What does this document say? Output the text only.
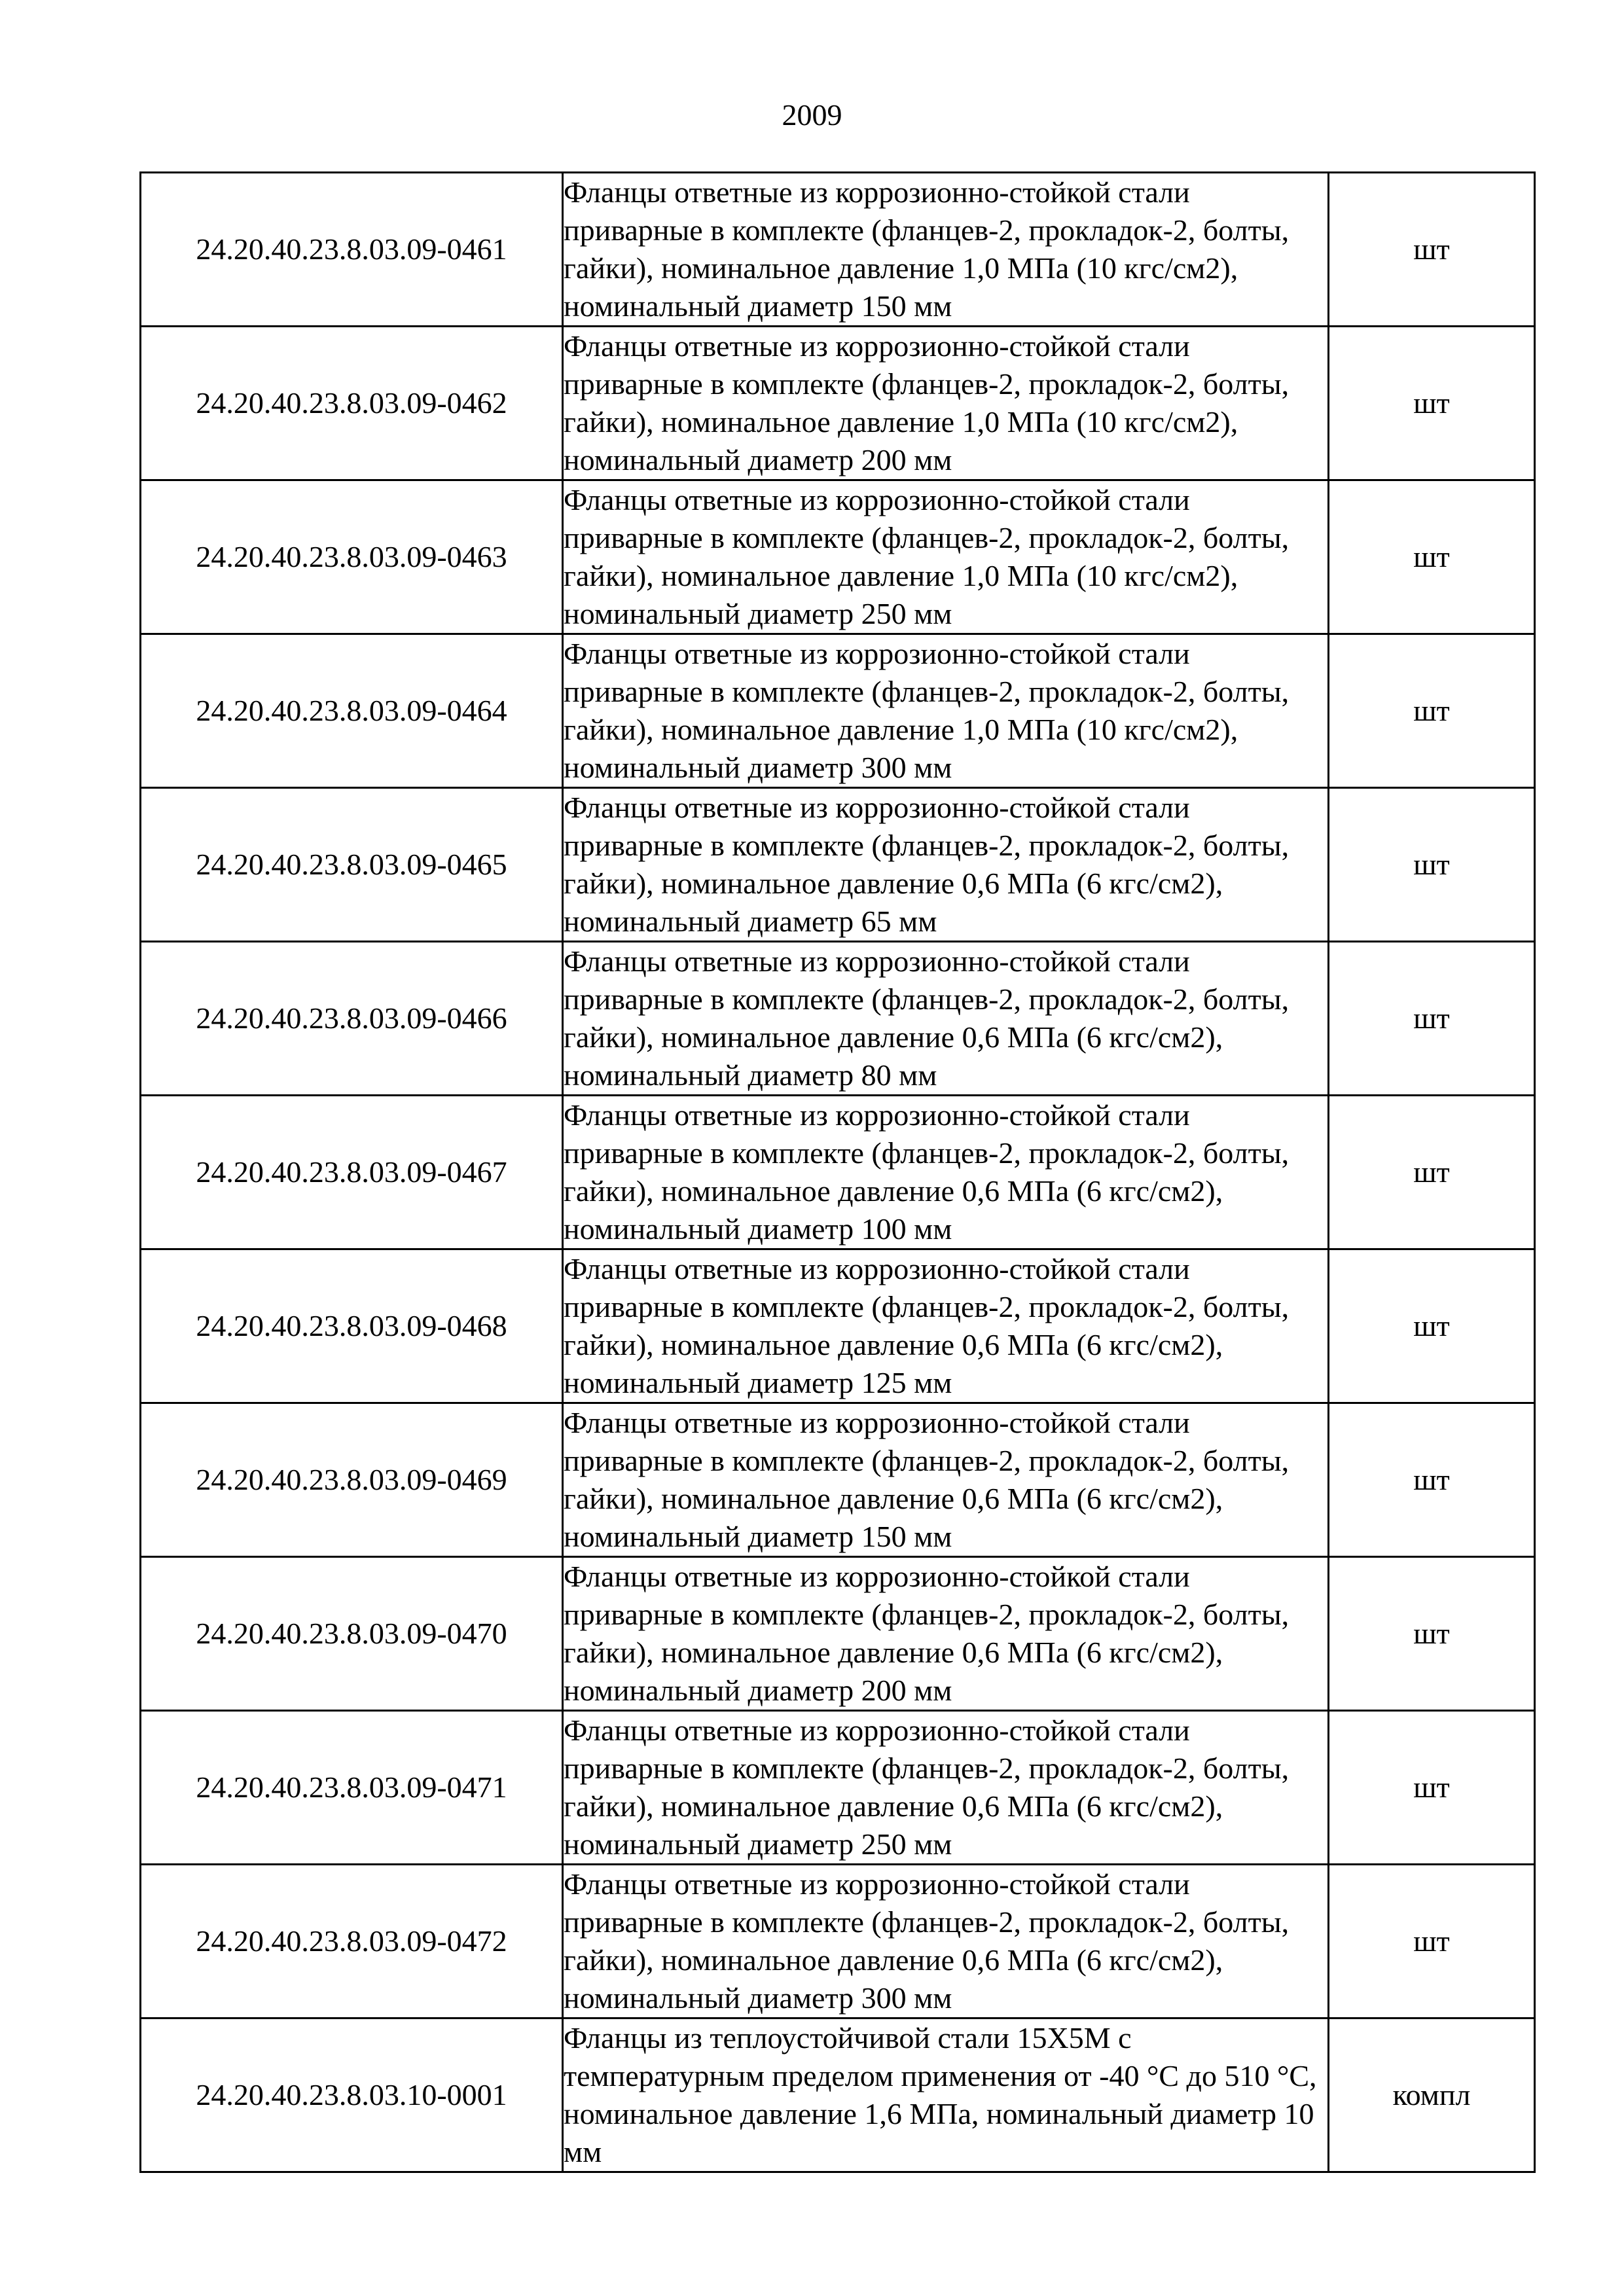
2009
24.20.40.23.8.03.09-0461	Фланцы ответные из коррозионно-стойкой стали приварные в комплекте (фланцев-2, прокладок-2, болты, гайки), номинальное давление 1,0 МПа (10 кгс/см2), номинальный диаметр 150 мм	шт
24.20.40.23.8.03.09-0462	Фланцы ответные из коррозионно-стойкой стали приварные в комплекте (фланцев-2, прокладок-2, болты, гайки), номинальное давление 1,0 МПа (10 кгс/см2), номинальный диаметр 200 мм	шт
24.20.40.23.8.03.09-0463	Фланцы ответные из коррозионно-стойкой стали приварные в комплекте (фланцев-2, прокладок-2, болты, гайки), номинальное давление 1,0 МПа (10 кгс/см2), номинальный диаметр 250 мм	шт
24.20.40.23.8.03.09-0464	Фланцы ответные из коррозионно-стойкой стали приварные в комплекте (фланцев-2, прокладок-2, болты, гайки), номинальное давление 1,0 МПа (10 кгс/см2), номинальный диаметр 300 мм	шт
24.20.40.23.8.03.09-0465	Фланцы ответные из коррозионно-стойкой стали приварные в комплекте (фланцев-2, прокладок-2, болты, гайки), номинальное давление 0,6 МПа (6 кгс/см2), номинальный диаметр 65 мм	шт
24.20.40.23.8.03.09-0466	Фланцы ответные из коррозионно-стойкой стали приварные в комплекте (фланцев-2, прокладок-2, болты, гайки), номинальное давление 0,6 МПа (6 кгс/см2), номинальный диаметр 80 мм	шт
24.20.40.23.8.03.09-0467	Фланцы ответные из коррозионно-стойкой стали приварные в комплекте (фланцев-2, прокладок-2, болты, гайки), номинальное давление 0,6 МПа (6 кгс/см2), номинальный диаметр 100 мм	шт
24.20.40.23.8.03.09-0468	Фланцы ответные из коррозионно-стойкой стали приварные в комплекте (фланцев-2, прокладок-2, болты, гайки), номинальное давление 0,6 МПа (6 кгс/см2), номинальный диаметр 125 мм	шт
24.20.40.23.8.03.09-0469	Фланцы ответные из коррозионно-стойкой стали приварные в комплекте (фланцев-2, прокладок-2, болты, гайки), номинальное давление 0,6 МПа (6 кгс/см2), номинальный диаметр 150 мм	шт
24.20.40.23.8.03.09-0470	Фланцы ответные из коррозионно-стойкой стали приварные в комплекте (фланцев-2, прокладок-2, болты, гайки), номинальное давление 0,6 МПа (6 кгс/см2), номинальный диаметр 200 мм	шт
24.20.40.23.8.03.09-0471	Фланцы ответные из коррозионно-стойкой стали приварные в комплекте (фланцев-2, прокладок-2, болты, гайки), номинальное давление 0,6 МПа (6 кгс/см2), номинальный диаметр 250 мм	шт
24.20.40.23.8.03.09-0472	Фланцы ответные из коррозионно-стойкой стали приварные в комплекте (фланцев-2, прокладок-2, болты, гайки), номинальное давление 0,6 МПа (6 кгс/см2), номинальный диаметр 300 мм	шт
24.20.40.23.8.03.10-0001	Фланцы из теплоустойчивой стали 15Х5М с температурным пределом применения от -40 °С до 510 °С, номинальное давление 1,6 МПа, номинальный диаметр 10 мм	компл
